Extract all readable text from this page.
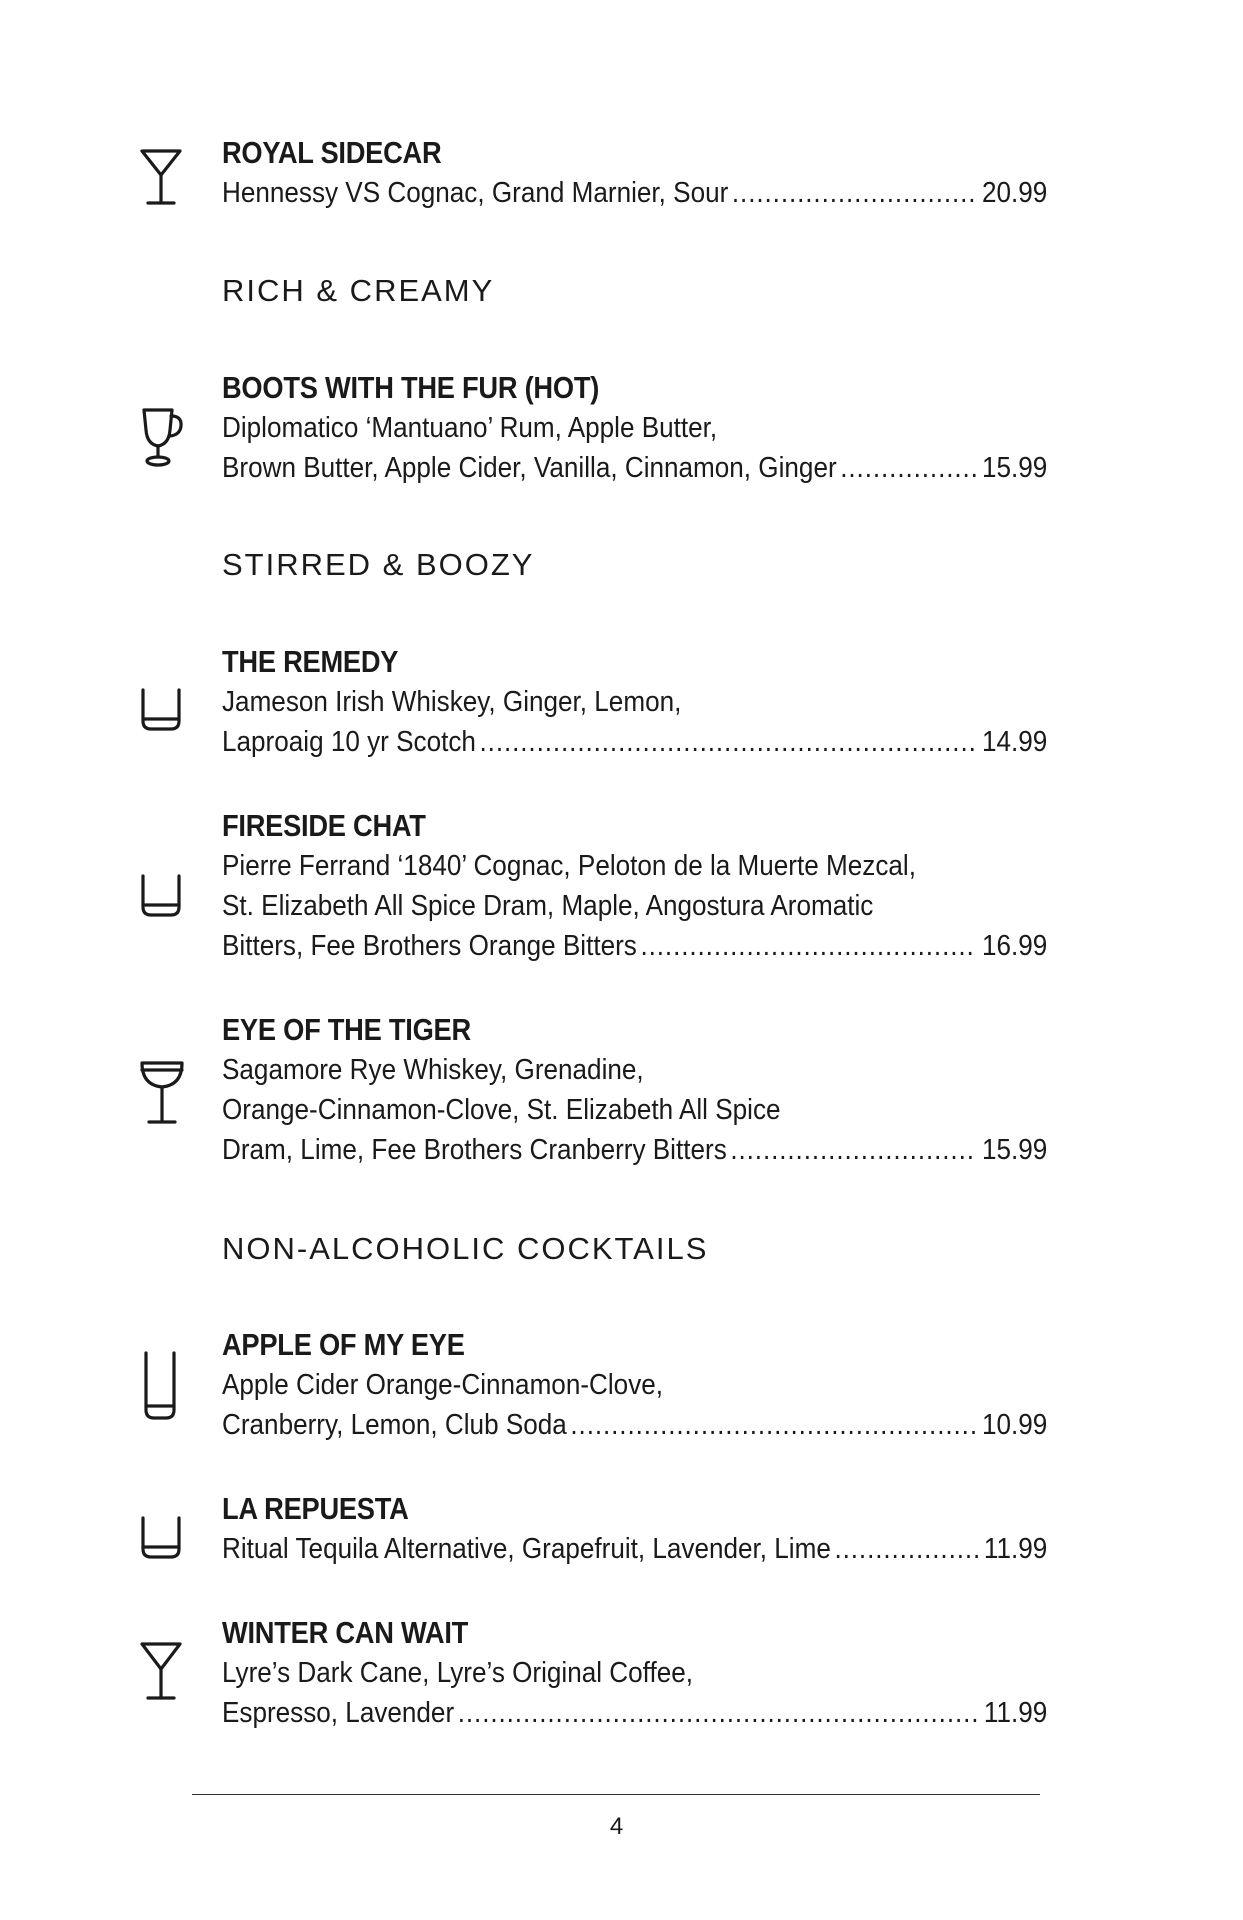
ROYAL SIDECAR
Hennessy VS Cognac, Grand Marnier, Sour .....	20.99
RICH & CREAMY
BOOTS WITH THE FUR (HOT)
Diplomatico ‘Mantuano’ Rum, Apple Butter,
Brown Butter, Apple Cider, Vanilla, Cinnamon, Ginger .....	15.99
STIRRED & BOOZY
THE REMEDY
Jameson Irish Whiskey, Ginger, Lemon,
Laproaig 10 yr Scotch .....	14.99
FIRESIDE CHAT
Pierre Ferrand ‘1840’ Cognac, Peloton de la Muerte Mezcal,
St. Elizabeth All Spice Dram, Maple, Angostura Aromatic
Bitters, Fee Brothers Orange Bitters .....	16.99
EYE OF THE TIGER
Sagamore Rye Whiskey, Grenadine,
Orange-Cinnamon-Clove, St. Elizabeth All Spice
Dram, Lime, Fee Brothers Cranberry Bitters .....	15.99
NON-ALCOHOLIC COCKTAILS
APPLE OF MY EYE
Apple Cider Orange-Cinnamon-Clove,
Cranberry, Lemon, Club Soda .....	10.99
LA REPUESTA
Ritual Tequila Alternative, Grapefruit, Lavender, Lime .....	11.99
WINTER CAN WAIT
Lyre’s Dark Cane, Lyre’s Original Coffee,
Espresso, Lavender .....	11.99
4
